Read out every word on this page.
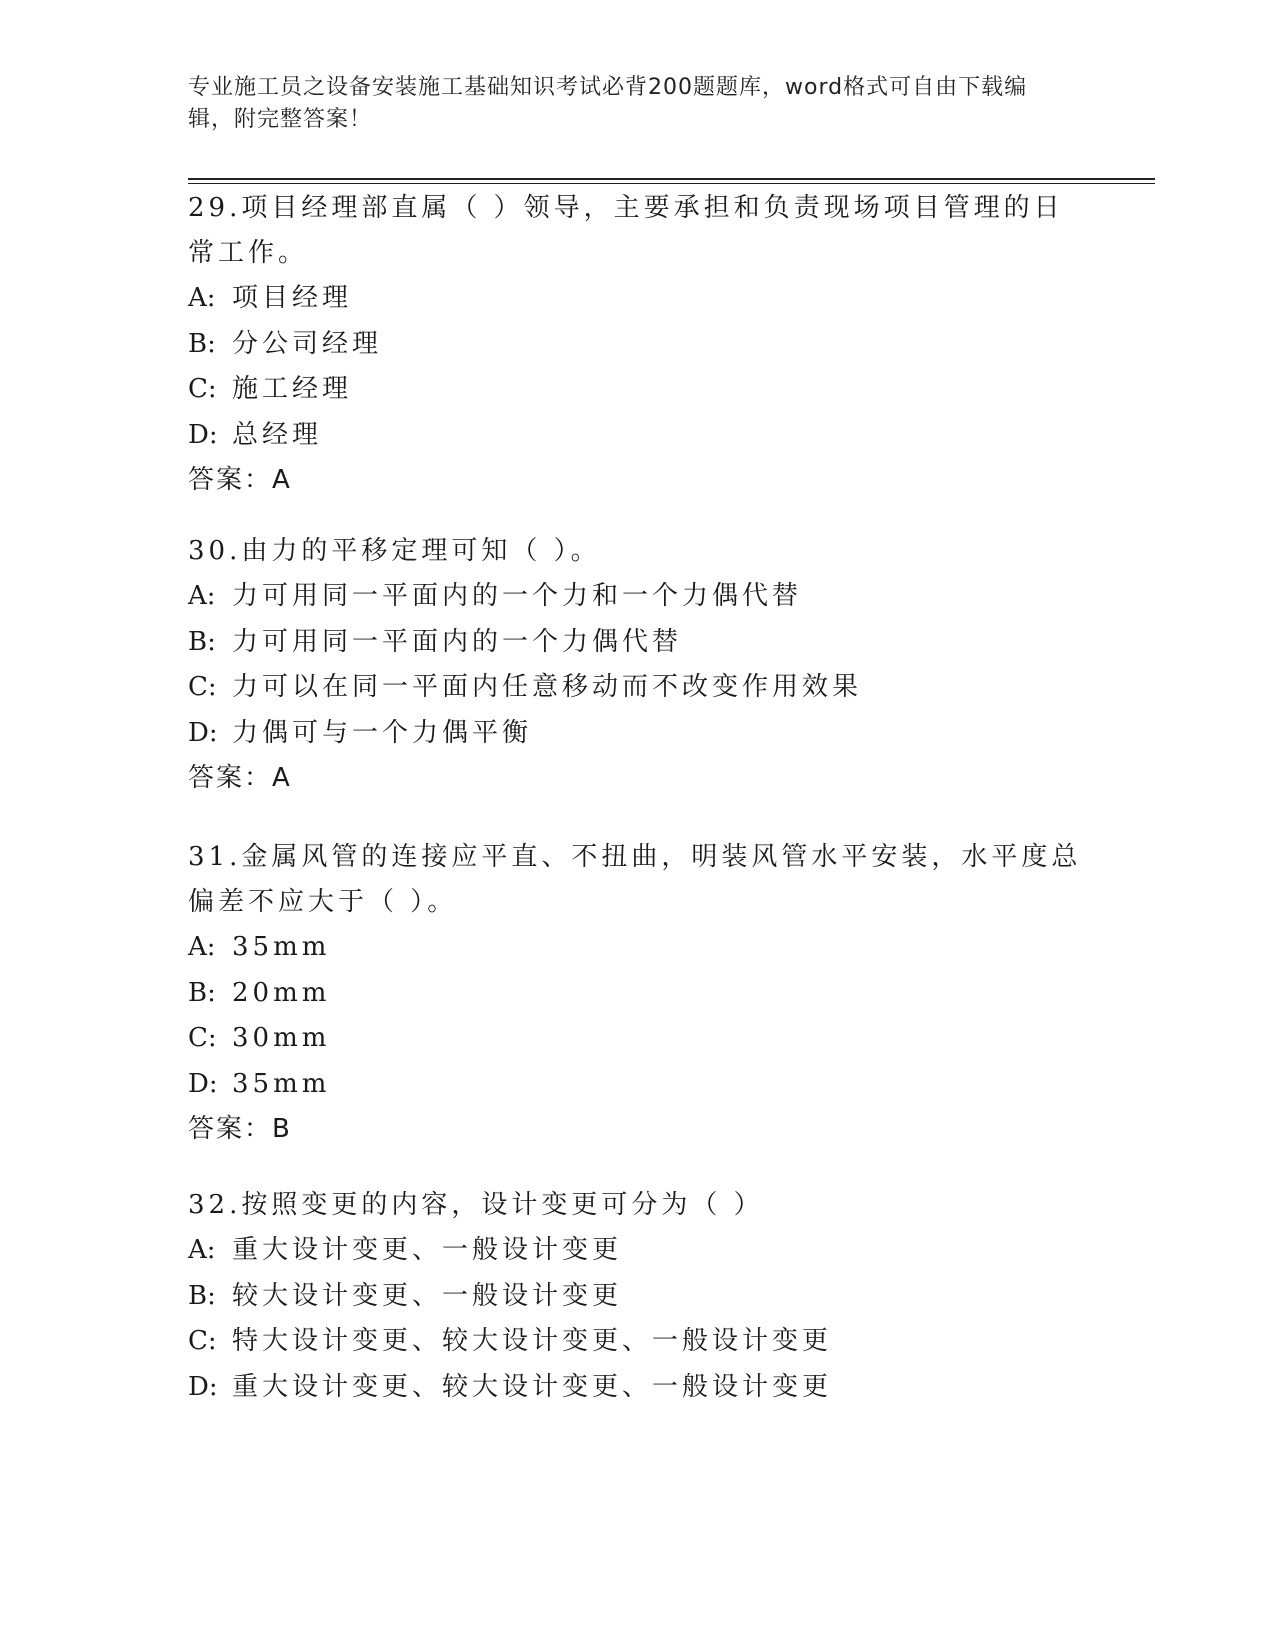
专业施工员之设备安装施工基础知识考试必背200题题库，word格式可自由下载编辑，附完整答案！

29.项目经理部直属（ ）领导，主要承担和负责现场项目管理的日常工作。

A: 项目经理

B: 分公司经理

C: 施工经理

D: 总经理

答案：A

30.由力的平移定理可知（ ）。

A: 力可用同一平面内的一个力和一个力偶代替

B: 力可用同一平面内的一个力偶代替

C: 力可以在同一平面内任意移动而不改变作用效果

D: 力偶可与一个力偶平衡

答案：A

31.金属风管的连接应平直、不扭曲，明装风管水平安装，水平度总偏差不应大于（ ）。

A: 35mm

B: 20mm

C: 30mm

D: 35mm

答案：B

32.按照变更的内容，设计变更可分为（ ）

A: 重大设计变更、一般设计变更

B: 较大设计变更、一般设计变更

C: 特大设计变更、较大设计变更、一般设计变更

D: 重大设计变更、较大设计变更、一般设计变更
